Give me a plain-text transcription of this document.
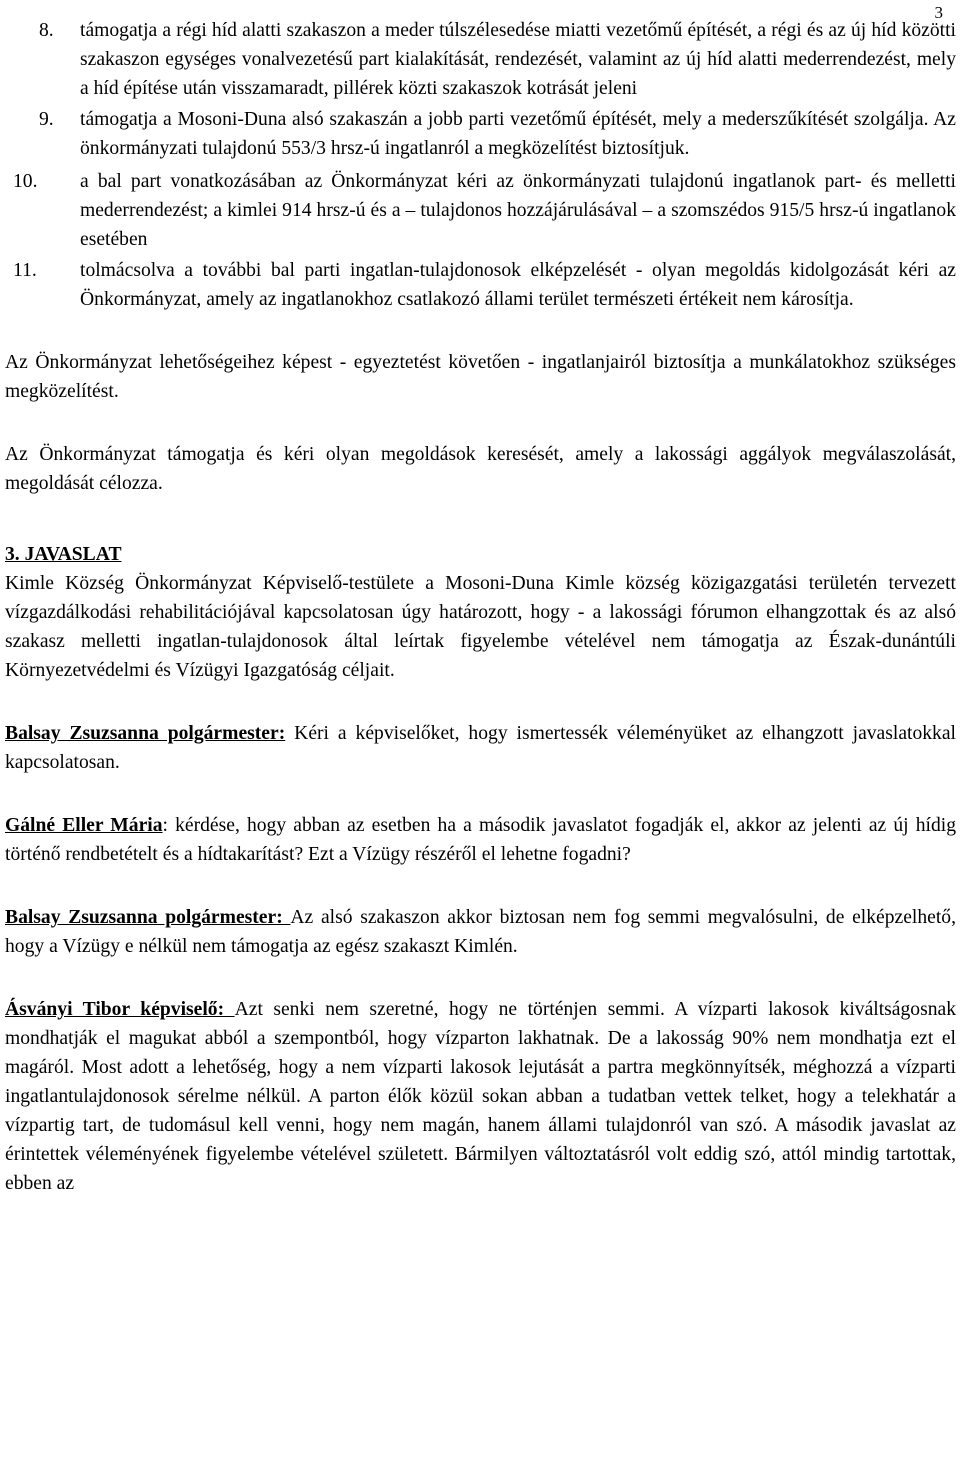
3
8. támogatja a régi híd alatti szakaszon a meder túlszélesedése miatti vezetőmű építését, a régi és az új híd közötti szakaszon egységes vonalvezetésű part kialakítását, rendezését, valamint az új híd alatti mederrendezést, mely a híd építése után visszamaradt, pillérek közti szakaszok kotrását jeleni
9. támogatja a Mosoni-Duna alsó szakaszán a jobb parti vezetőmű építését, mely a mederszűkítését szolgálja. Az önkormányzati tulajdonú 553/3 hrsz-ú ingatlanról a megközelítést biztosítjuk.
10. a bal part vonatkozásában az Önkormányzat kéri az önkormányzati tulajdonú ingatlanok part- és melletti mederrendezést; a kimlei 914 hrsz-ú és a – tulajdonos hozzájárulásával – a szomszédos 915/5 hrsz-ú ingatlanok esetében
11. tolmácsolva a további bal parti ingatlan-tulajdonosok elképzelését - olyan megoldás kidolgozását kéri az Önkormányzat, amely az ingatlanokhoz csatlakozó állami terület természeti értékeit nem károsítja.

Az Önkormányzat lehetőségeihez képest - egyeztetést követően - ingatlanjairól biztosítja a munkálatokhoz szükséges megközelítést.

Az Önkormányzat támogatja és kéri olyan megoldások keresését, amely a lakossági aggályok megválaszolását, megoldását célozza.

3. JAVASLAT

Kimle Község Önkormányzat Képviselő-testülete a Mosoni-Duna Kimle község közigazgatási területén tervezett vízgazdálkodási rehabilitációjával kapcsolatosan úgy határozott, hogy - a lakossági fórumon elhangzottak és az alsó szakasz melletti ingatlan-tulajdonosok által leírtak figyelembe vételével nem támogatja az Észak-dunántúli Környezetvédelmi és Vízügyi Igazgatóság céljait.

Balsay Zsuzsanna polgármester: Kéri a képviselőket, hogy ismertessék véleményüket az elhangzott javaslatokkal kapcsolatosan.

Gálné Eller Mária: kérdése, hogy abban az esetben ha a második javaslatot fogadják el, akkor az jelenti az új hídig történő rendbetételt és a hídtakarítást? Ezt a Vízügy részéről el lehetne fogadni?

Balsay Zsuzsanna polgármester: Az alsó szakaszon akkor biztosan nem fog semmi megvalósulni, de elképzelhető, hogy a Vízügy e nélkül nem támogatja az egész szakaszt Kimlén.

Ásványi Tibor képviselő: Azt senki nem szeretné, hogy ne történjen semmi. A vízparti lakosok kiváltságosnak mondhatják el magukat abból a szempontból, hogy vízparton lakhatnak. De a lakosság 90% nem mondhatja ezt el magáról. Most adott a lehetőség, hogy a nem vízparti lakosok lejutását a partra megkönnyítsék, méghozzá a vízparti ingatlantulajdonosok sérelme nélkül. A parton élők közül sokan abban a tudatban vettek telket, hogy a telekhatár a vízpartig tart, de tudomásul kell venni, hogy nem magán, hanem állami tulajdonról van szó. A második javaslat az érintettek véleményének figyelembe vételével született. Bármilyen változtatásról volt eddig szó, attól mindig tartottak, ebben az
